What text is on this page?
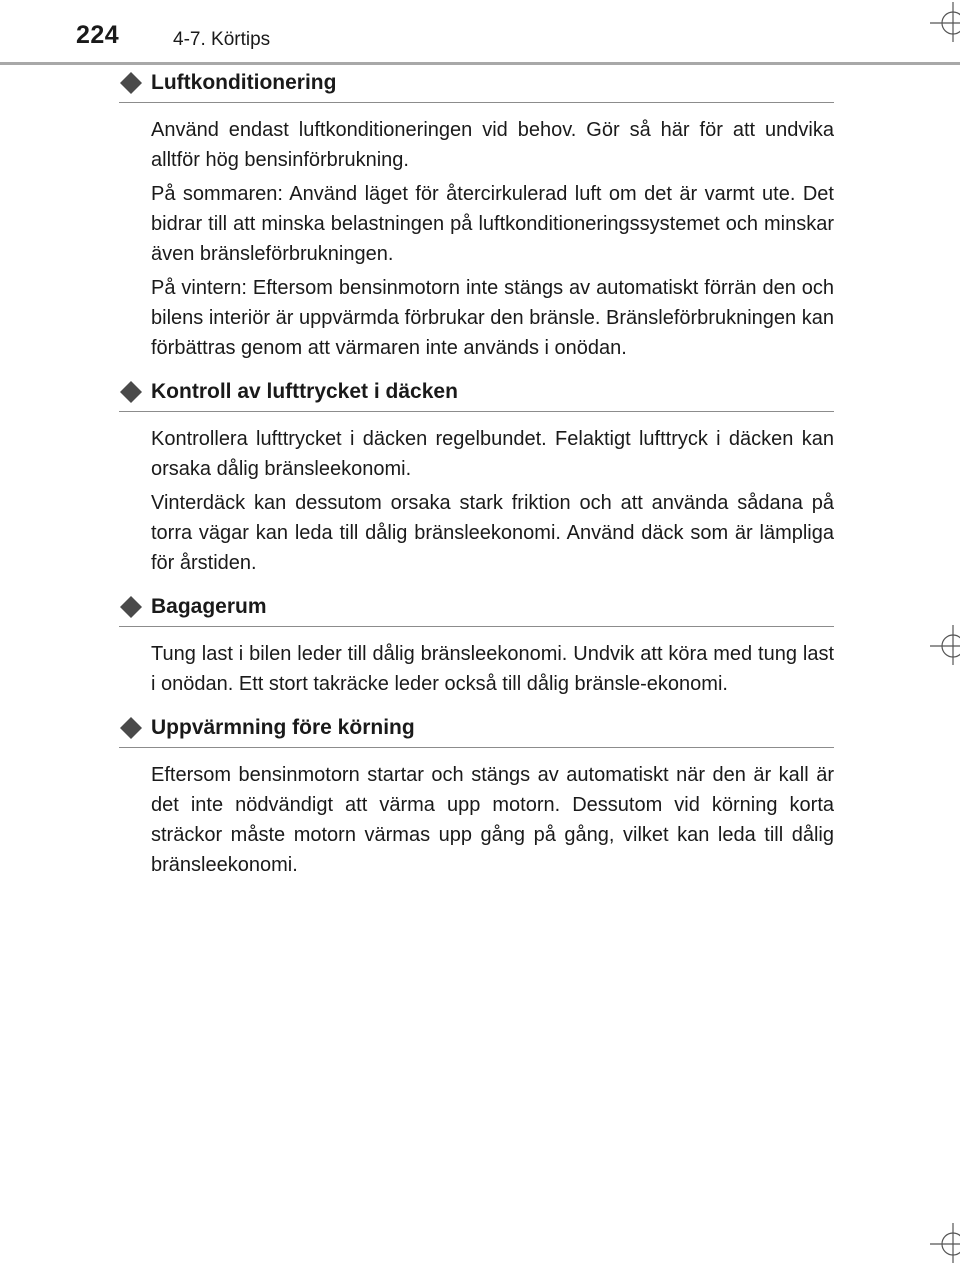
224	4-7. Körtips
Luftkonditionering

Använd endast luftkonditioneringen vid behov. Gör så här för att undvika alltför hög bensinförbrukning.

På sommaren: Använd läget för återcirkulerad luft om det är varmt ute. Det bidrar till att minska belastningen på luftkonditioneringssystemet och minskar även bränsleförbrukningen.

På vintern: Eftersom bensinmotorn inte stängs av automatiskt förrän den och bilens interiör är uppvärmda förbrukar den bränsle. Bränsleförbrukningen kan förbättras genom att värmaren inte används i onödan.

Kontroll av lufttrycket i däcken

Kontrollera lufttrycket i däcken regelbundet. Felaktigt lufttryck i däcken kan orsaka dålig bränsleekonomi.

Vinterdäck kan dessutom orsaka stark friktion och att använda sådana på torra vägar kan leda till dålig bränsleekonomi. Använd däck som är lämpliga för årstiden.

Bagagerum

Tung last i bilen leder till dålig bränsleekonomi. Undvik att köra med tung last i onödan. Ett stort takräcke leder också till dålig bränsle-ekonomi.

Uppvärmning före körning

Eftersom bensinmotorn startar och stängs av automatiskt när den är kall är det inte nödvändigt att värma upp motorn. Dessutom vid körning korta sträckor måste motorn värmas upp gång på gång, vilket kan leda till dålig bränsleekonomi.
